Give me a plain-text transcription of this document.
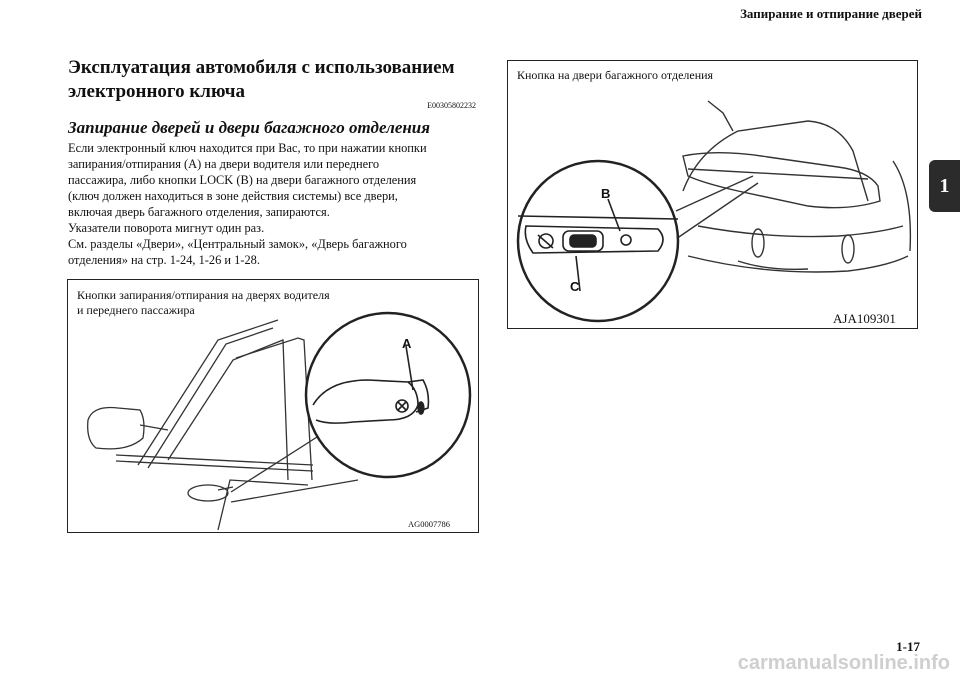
Запирание и отпирание дверей
1
Эксплуатация автомобиля с использованием
электронного ключа
E00305802232
Запирание дверей и двери багажного отделения

Если электронный ключ находится при Вас, то при нажатии кнопки

запирания/отпирания (А) на двери водителя или переднего

пассажира, либо кнопки LOCK (B) на двери багажного отделения

(ключ должен находиться в зоне действия системы) все двери,

включая дверь багажного отделения, запираются.

Указатели поворота мигнут один раз.

См. разделы «Двери», «Центральный замок», «Дверь багажного

отделения» на стр. 1-24, 1-26 и 1-28.

A
Кнопки запирания/отпирания на дверях водителя
и переднего пассажира
AG0007786
B
C
Кнопка на двери багажного отделения
AJA109301
1-17
carmanualsonline.info
